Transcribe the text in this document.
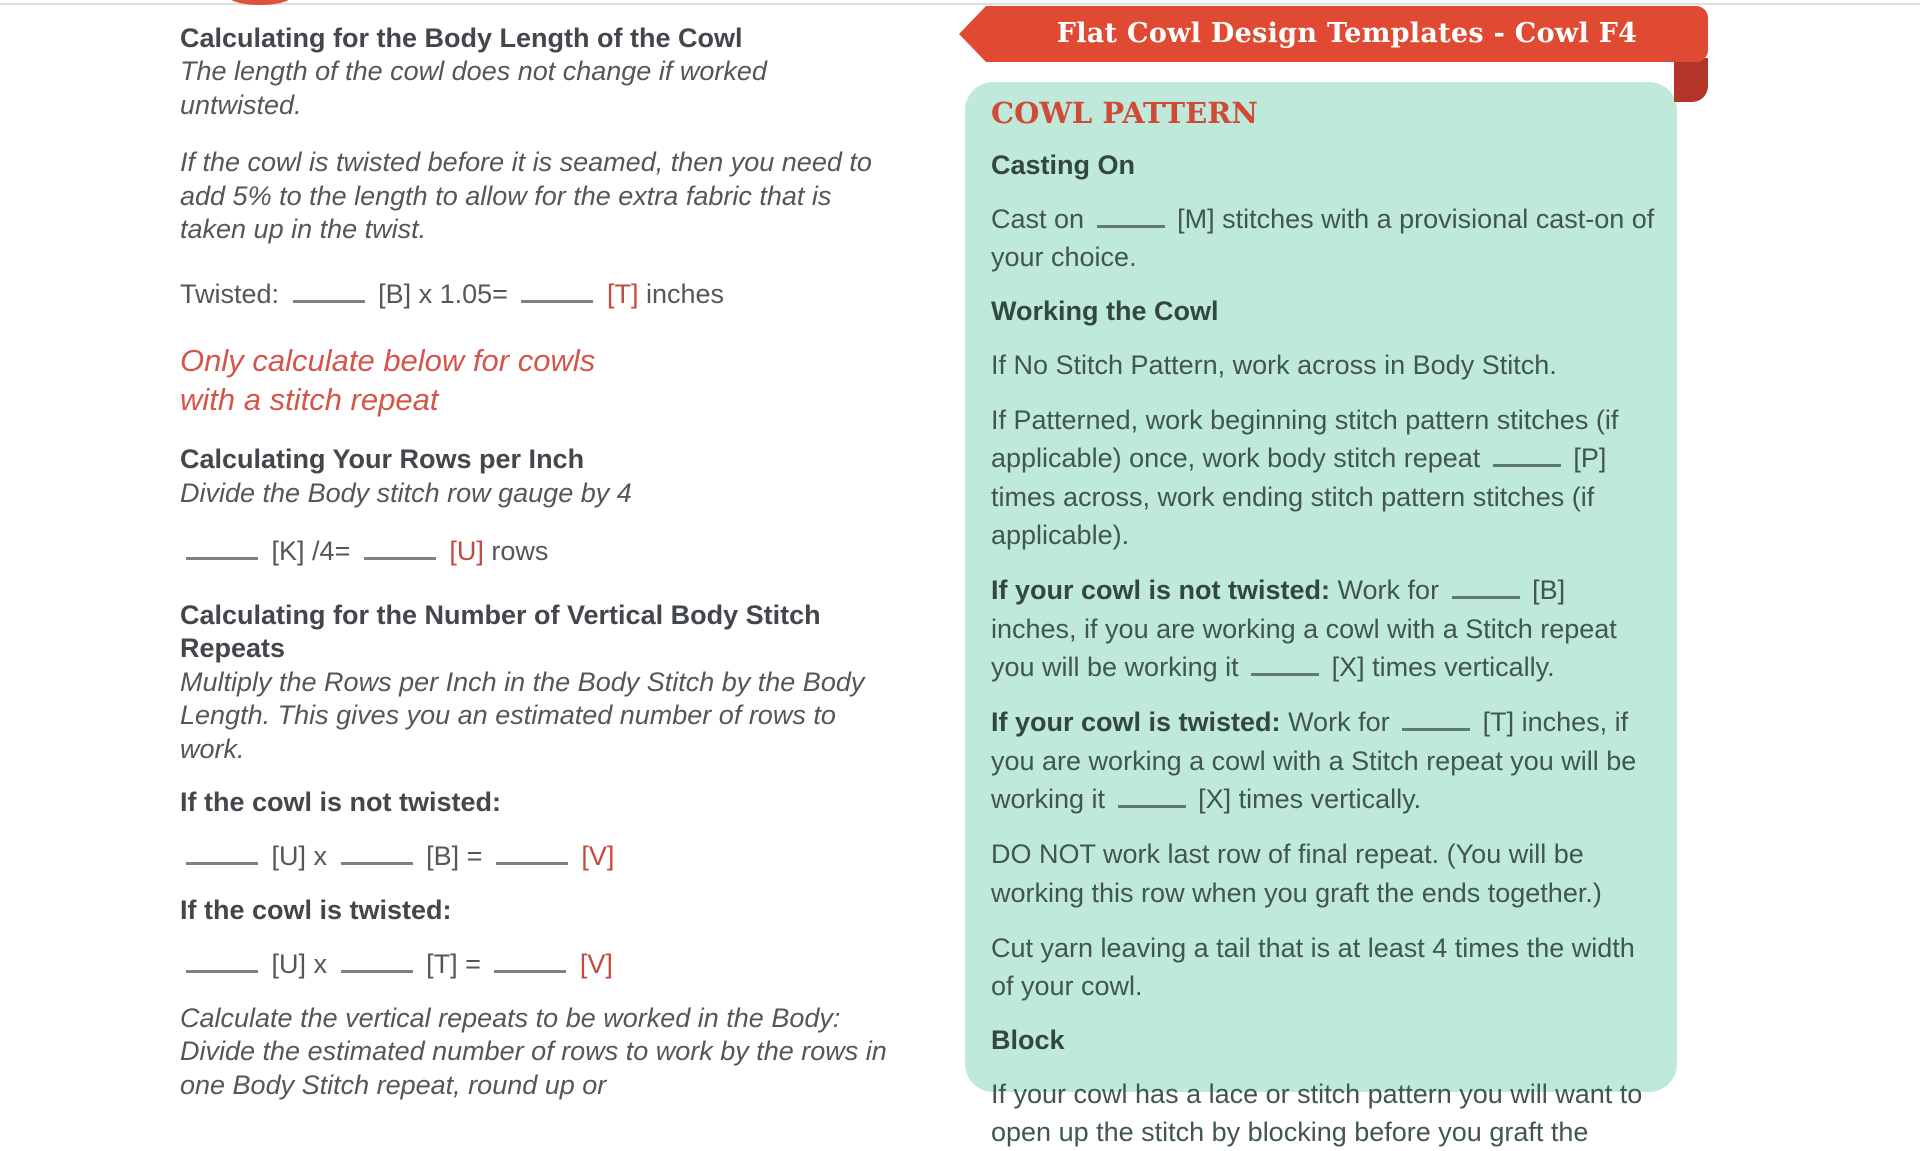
Calculating for the Body Length of the Cowl

The length of the cowl does not change if worked untwisted.

If the cowl is twisted before it is seamed, then you need to add 5% to the length to allow for the extra fabric that is taken up in the twist.

Twisted:	[B] x 1.05=	[T] inches
Only calculate below for cowls
with a stitch repeat

Calculating Your Rows per Inch

Divide the Body stitch row gauge by 4

[K] /4=	[U] rows

Calculating for the Number of Vertical Body Stitch Repeats

Multiply the Rows per Inch in the Body Stitch by the Body Length. This gives you an estimated number of rows to work.

If the cowl is not twisted:

[U] x	[B] =	[V]

If the cowl is twisted:

[U] x	[T] =	[V]

Calculate the vertical repeats to be worked in the Body: Divide the estimated number of rows to work by the rows in one Body Stitch repeat, round up or

Flat Cowl Design Templates - Cowl F4

COWL PATTERN

Casting On

Cast on	[M] stitches with a provisional cast-on of your choice.

Working the Cowl

If No Stitch Pattern, work across in Body Stitch.

If Patterned, work beginning stitch pattern stitches (if applicable) once, work body stitch repeat	[P] times across, work ending stitch pattern stitches (if applicable).

If your cowl is not twisted: Work for	[B] inches, if you are working a cowl with a Stitch repeat you will be working it	[X] times vertically.

If your cowl is twisted: Work for	[T] inches, if you are working a cowl with a Stitch repeat you will be working it	[X] times vertically.

DO NOT work last row of final repeat. (You will be working this row when you graft the ends together.)

Cut yarn leaving a tail that is at least 4 times the width of your cowl.

Block

If your cowl has a lace or stitch pattern you will want to open up the stitch by blocking before you graft the
